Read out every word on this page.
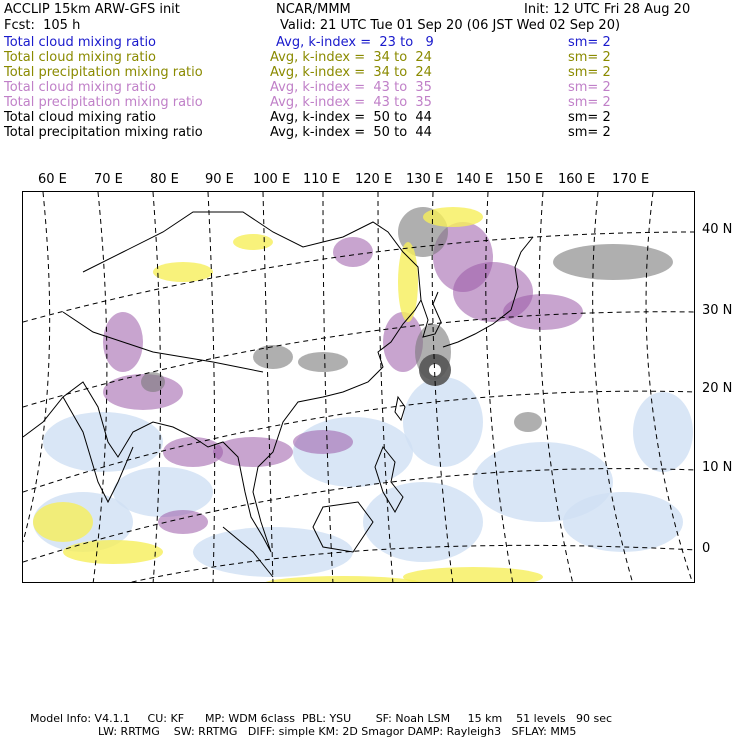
ACCLIP 15km ARW-GFS init	NCAR/MMM	Init: 12 UTC Fri 28 Aug 20
Fcst:  105 h	Valid: 21 UTC Tue 01 Sep 20 (06 JST Wed 02 Sep 20)
Total cloud mixing ratio	Avg, k-index =  23 to   9	sm= 2
Total cloud mixing ratio	Avg, k-index =  34 to  24	sm= 2
Total precipitation mixing ratio	Avg, k-index =  34 to  24	sm= 2
Total cloud mixing ratio	Avg, k-index =  43 to  35	sm= 2
Total precipitation mixing ratio	Avg, k-index =  43 to  35	sm= 2
Total cloud mixing ratio	Avg, k-index =  50 to  44	sm= 2
Total precipitation mixing ratio	Avg, k-index =  50 to  44	sm= 2
60 E 70 E 80 E 90 E 100 E 110 E 120 E 130 E 140 E 150 E 160 E 170 E
40 N
30 N
20 N
10 N
0
Model Info: V4.1.1     CU: KF      MP: WDM 6class  PBL: YSU       SF: Noah LSM     15 km    51 levels   90 sec
LW: RRTMG    SW: RRTMG   DIFF: simple KM: 2D Smagor DAMP: Rayleigh3   SFLAY: MM5
